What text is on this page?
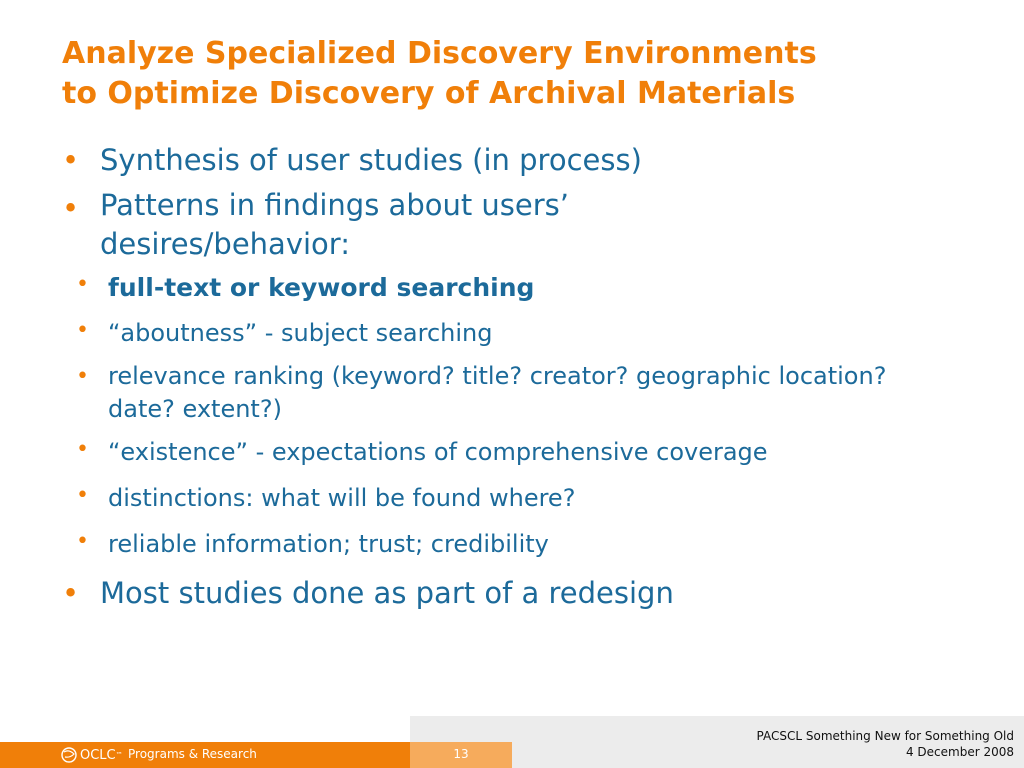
Analyze Specialized Discovery Environments
to Optimize Discovery of Archival Materials
• Synthesis of user studies (in process)
• Patterns in findings about users’ desires/behavior:
• full-text or keyword searching
• “aboutness” - subject searching
• relevance ranking (keyword? title? creator? geographic location? date? extent?)
• “existence” - expectations of comprehensive coverage
• distinctions: what will be found where?
• reliable information; trust; credibility
• Most studies done as part of a redesign
OCLC ™ Programs & Research	13
PACSCL Something New for Something Old
4 December 2008
